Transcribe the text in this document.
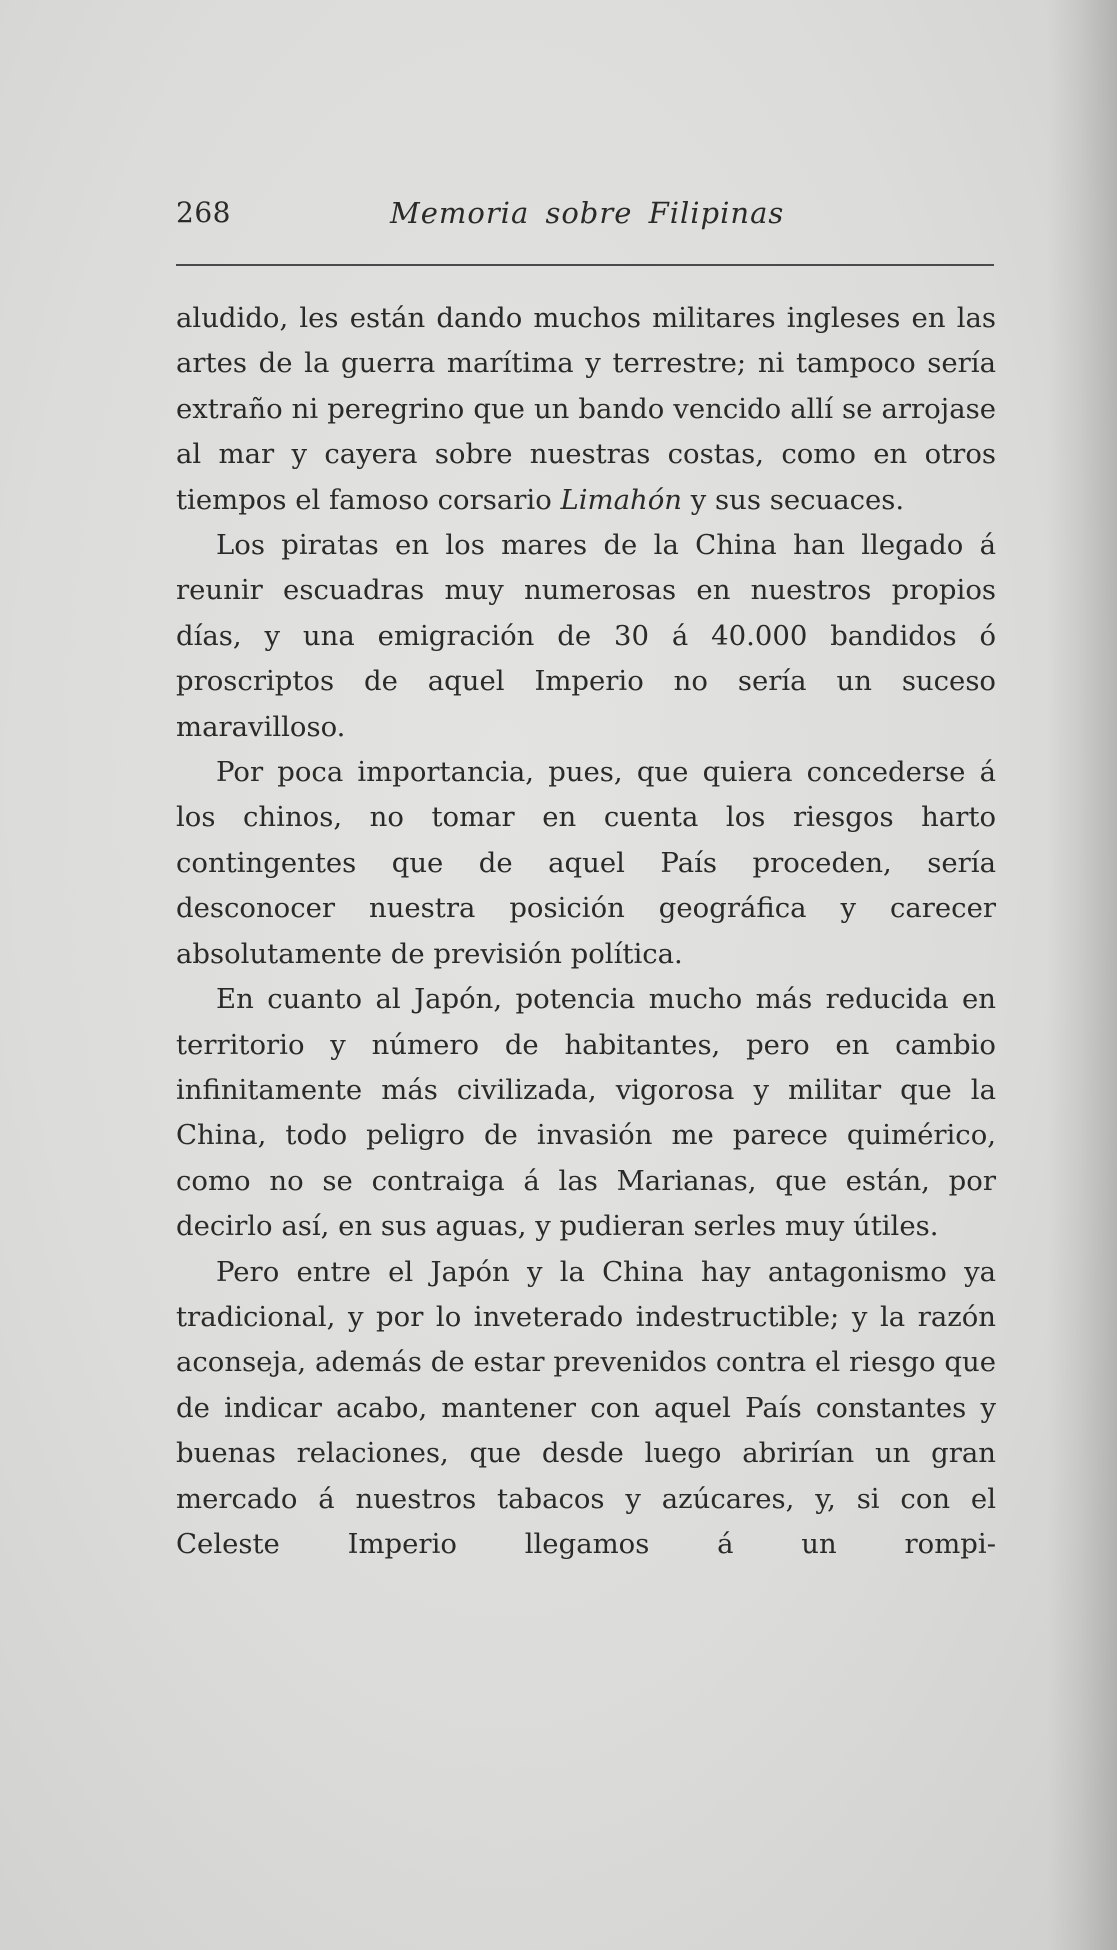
268	Memoria sobre Filipinas

aludido, les están dando muchos militares ingleses en las artes de la guerra marítima y terrestre; ni tampoco sería extraño ni peregrino que un bando vencido allí se arrojase al mar y cayera sobre nuestras costas, como en otros tiempos el famoso corsario Limahón y sus secuaces.

Los piratas en los mares de la China han llegado á reunir escuadras muy numerosas en nuestros propios días, y una emigración de 30 á 40.000 bandidos ó proscriptos de aquel Imperio no sería un suceso maravilloso.

Por poca importancia, pues, que quiera concederse á los chinos, no tomar en cuenta los riesgos harto contingentes que de aquel País proceden, sería desconocer nuestra posición geográfica y carecer absolutamente de previsión política.

En cuanto al Japón, potencia mucho más reducida en territorio y número de habitantes, pero en cambio infinitamente más civilizada, vigorosa y militar que la China, todo peligro de invasión me parece quimérico, como no se contraiga á las Marianas, que están, por decirlo así, en sus aguas, y pudieran serles muy útiles.

Pero entre el Japón y la China hay antagonismo ya tradicional, y por lo inveterado indestructible; y la razón aconseja, además de estar prevenidos contra el riesgo que de indicar acabo, mantener con aquel País constantes y buenas relaciones, que desde luego abrirían un gran mercado á nuestros tabacos y azúcares, y, si con el Celeste Imperio llegamos á un rompi-
